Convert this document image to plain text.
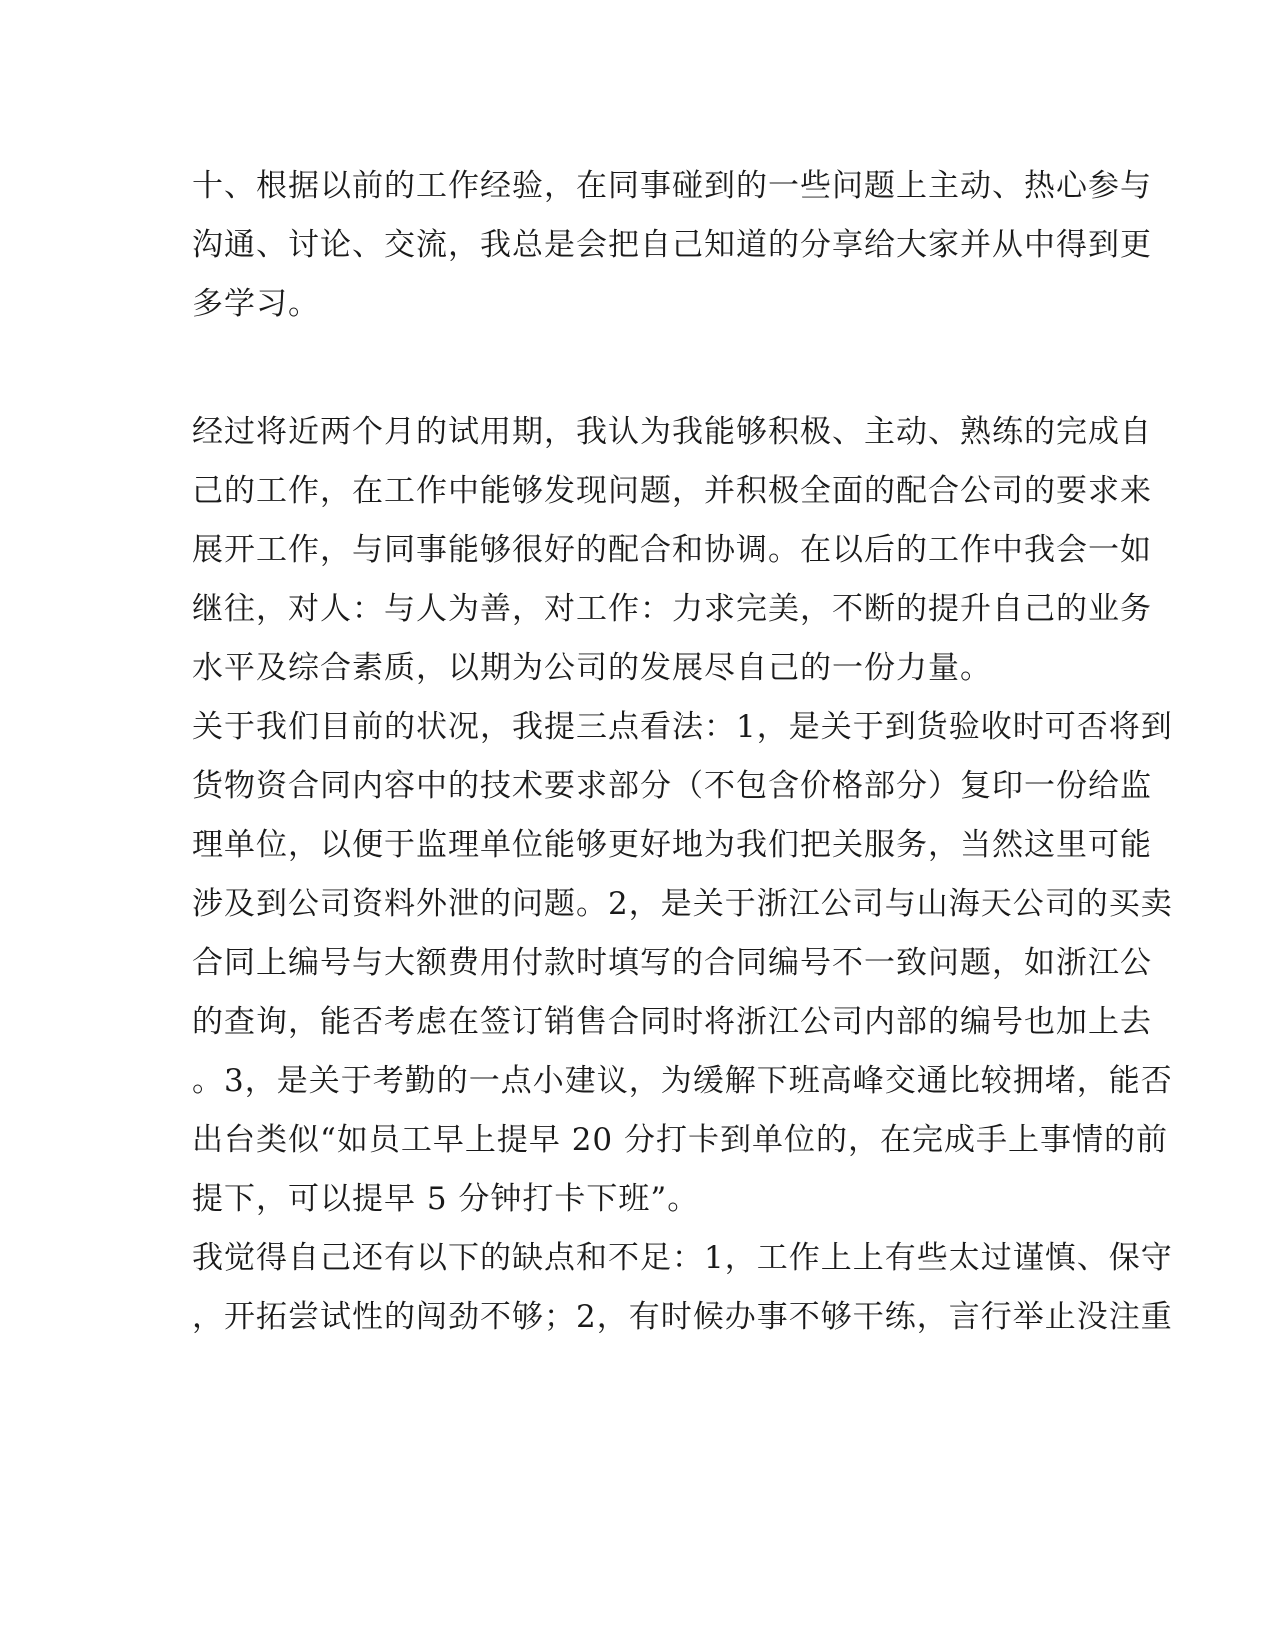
十、根据以前的工作经验，在同事碰到的一些问题上主动、热心参与
沟通、讨论、交流，我总是会把自己知道的分享给大家并从中得到更
多学习。
经过将近两个月的试用期，我认为我能够积极、主动、熟练的完成自
己的工作，在工作中能够发现问题，并积极全面的配合公司的要求来
展开工作，与同事能够很好的配合和协调。在以后的工作中我会一如
继往，对人：与人为善，对工作：力求完美，不断的提升自己的业务
水平及综合素质，以期为公司的发展尽自己的一份力量。
关于我们目前的状况，我提三点看法：1，是关于到货验收时可否将到
货物资合同内容中的技术要求部分（不包含价格部分）复印一份给监
理单位，以便于监理单位能够更好地为我们把关服务，当然这里可能
涉及到公司资料外泄的问题。2，是关于浙江公司与山海天公司的买卖
合同上编号与大额费用付款时填写的合同编号不一致问题，如浙江公
的查询，能否考虑在签订销售合同时将浙江公司内部的编号也加上去
。3，是关于考勤的一点小建议，为缓解下班高峰交通比较拥堵，能否
出台类似“如员工早上提早 20 分打卡到单位的，在完成手上事情的前
提下，可以提早 5 分钟打卡下班”。
我觉得自己还有以下的缺点和不足：1，工作上上有些太过谨慎、保守
，开拓尝试性的闯劲不够；2，有时候办事不够干练，言行举止没注重
